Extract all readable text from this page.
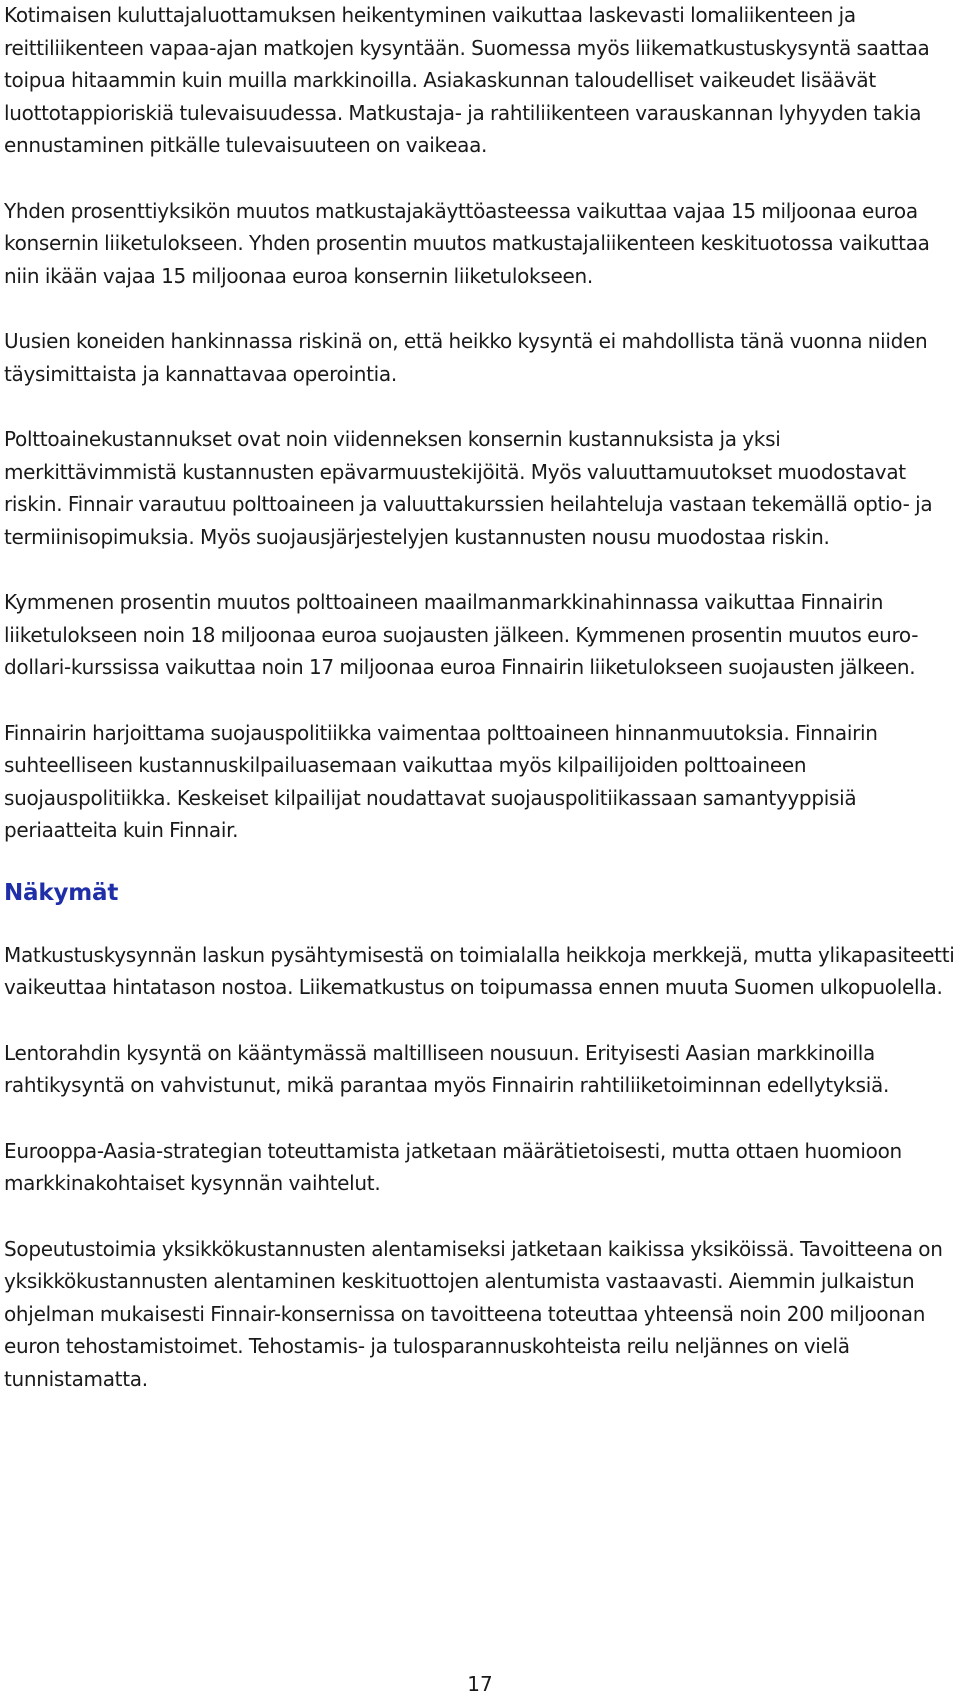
Kotimaisen kuluttajaluottamuksen heikentyminen vaikuttaa laskevasti lomaliikenteen ja reittiliikenteen vapaa-ajan matkojen kysyntään. Suomessa myös liikematkustuskysyntä saattaa toipua hitaammin kuin muilla markkinoilla. Asiakaskunnan taloudelliset vaikeudet lisäävät luottotappioriskiä tulevaisuudessa. Matkustaja- ja rahtiliikenteen varauskannan lyhyyden takia ennustaminen pitkälle tulevaisuuteen on vaikeaa.

Yhden prosenttiyksikön muutos matkustajakäyttöasteessa vaikuttaa vajaa 15 miljoonaa euroa konsernin liiketulokseen. Yhden prosentin muutos matkustajaliikenteen keskituotossa vaikuttaa niin ikään vajaa 15 miljoonaa euroa konsernin liiketulokseen.

Uusien koneiden hankinnassa riskinä on, että heikko kysyntä ei mahdollista tänä vuonna niiden täysimittaista ja kannattavaa operointia.

Polttoainekustannukset ovat noin viidenneksen konsernin kustannuksista ja yksi merkittävimmistä kustannusten epävarmuustekijöitä. Myös valuuttamuutokset muodostavat riskin. Finnair varautuu polttoaineen ja valuuttakurssien heilahteluja vastaan tekemällä optio- ja termiinisopimuksia. Myös suojausjärjestelyjen kustannusten nousu muodostaa riskin.

Kymmenen prosentin muutos polttoaineen maailmanmarkkinahinnassa vaikuttaa Finnairin liiketulokseen noin 18 miljoonaa euroa suojausten jälkeen. Kymmenen prosentin muutos euro-dollari-kurssissa vaikuttaa noin 17 miljoonaa euroa Finnairin liiketulokseen suojausten jälkeen.

Finnairin harjoittama suojauspolitiikka vaimentaa polttoaineen hinnanmuutoksia. Finnairin suhteelliseen kustannuskilpailuasemaan vaikuttaa myös kilpailijoiden polttoaineen suojauspolitiikka. Keskeiset kilpailijat noudattavat suojauspolitiikassaan samantyyppisiä periaatteita kuin Finnair.

Näkymät

Matkustuskysynnän laskun pysähtymisestä on toimialalla heikkoja merkkejä, mutta ylikapasiteetti vaikeuttaa hintatason nostoa. Liikematkustus on toipumassa ennen muuta Suomen ulkopuolella.

Lentorahdin kysyntä on kääntymässä maltilliseen nousuun. Erityisesti Aasian markkinoilla rahtikysyntä on vahvistunut, mikä parantaa myös Finnairin rahtiliiketoiminnan edellytyksiä.

Eurooppa-Aasia-strategian toteuttamista jatketaan määrätietoisesti, mutta ottaen huomioon markkinakohtaiset kysynnän vaihtelut.

Sopeutustoimia yksikkökustannusten alentamiseksi jatketaan kaikissa yksiköissä. Tavoitteena on yksikkökustannusten alentaminen keskituottojen alentumista vastaavasti. Aiemmin julkaistun ohjelman mukaisesti Finnair-konsernissa on tavoitteena toteuttaa yhteensä noin 200 miljoonan euron tehostamistoimet. Tehostamis- ja tulosparannuskohteista reilu neljännes on vielä tunnistamatta.

17
